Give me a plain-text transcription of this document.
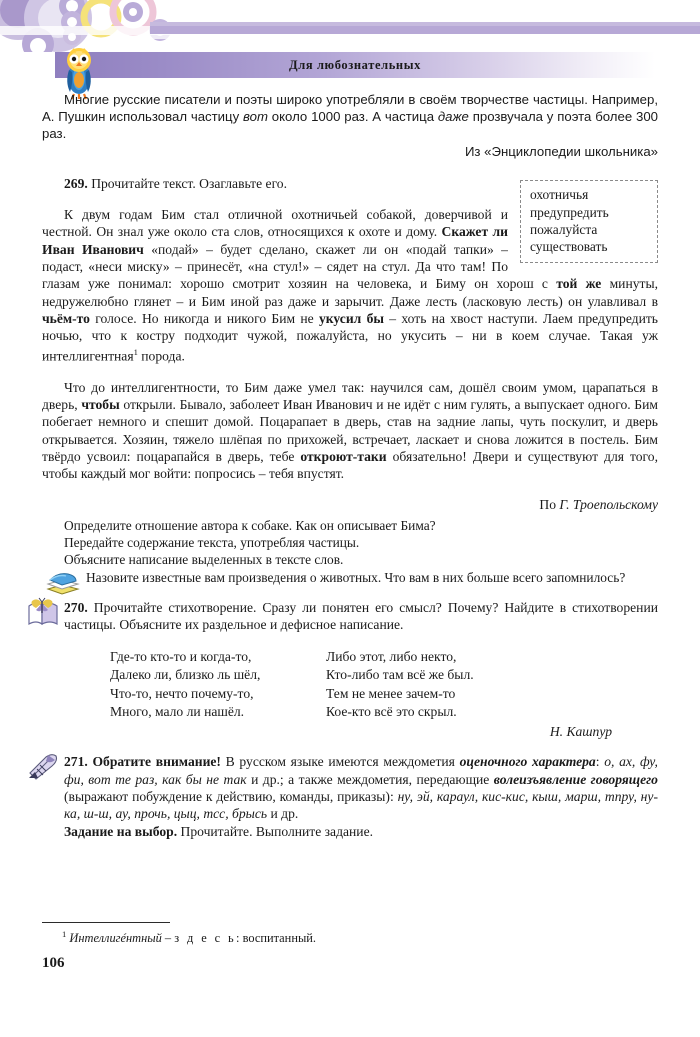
Для любознательных

Многие русские писатели и поэты широко употребляли в своём творчестве частицы. Например, А. Пушкин использовал частицу вот около 1000 раз. А частица даже прозвучала у поэта более 300 раз.

Из «Энциклопедии школьника»
охотничья
предупредить
пожалуйста
существовать

269. Прочитайте текст. Озаглавьте его.

К двум годам Бим стал отличной охотничьей собакой, доверчивой и честной. Он знал уже около ста слов, относящихся к охоте и дому. Скажет ли Иван Иванович «подай» – будет сделано, скажет ли он «подай тапки» – подаст, «неси миску» – принесёт, «на стул!» – сядет на стул. Да что там! По глазам уже понимал: хорошо смотрит хозяин на человека, и Биму он хорош с той же минуты, недружелюбно глянет – и Бим иной раз даже и зарычит. Даже лесть (ласковую лесть) он улавливал в чьём-то голосе. Но никогда и никого Бим не укусил бы – хоть на хвост наступи. Лаем предупредить ночью, что к костру подходит чужой, пожалуйста, но укусить – ни в коем случае. Такая уж интеллигентная$^1$ порода.

Что до интеллигентности, то Бим даже умел так: научился сам, дошёл своим умом, царапаться в дверь, чтобы открыли. Бывало, заболеет Иван Иванович и не идёт с ним гулять, а выпускает одного. Бим побегает немного и спешит домой. Поцарапает в дверь, став на задние лапы, чуть поскулит, и дверь открывается. Хозяин, тяжело шлёпая по прихожей, встречает, ласкает и снова ложится в постель. Бим твёрдо усвоил: поцарапайся в дверь, тебе откроют-таки обязательно! Двери и существуют для того, чтобы каждый мог войти: попросись – тебя впустят.

По Г. Троепольскому
Определите отношение автора к собаке. Как он описывает Бима?
Передайте содержание текста, употребляя частицы.
Объясните написание выделенных в тексте слов.
Назовите известные вам произведения о животных. Что вам в них больше всего запомнилось?
270. Прочитайте стихотворение. Сразу ли понятен его смысл? Почему? Найдите в стихотворении частицы. Объясните их раздельное и дефисное написание.
Где-то кто-то и когда-то,
Далеко ли, близко ль шёл,
Что-то, нечто почему-то,
Много, мало ли нашёл.
Либо этот, либо некто,
Кто-либо там всё же был.
Тем не менее зачем-то
Кое-кто всё это скрыл.
Н. Кашпур
271. Обратите внимание! В русском языке имеются междометия оценочного характера: о, ах, фу, фи, вот те раз, как бы не так и др.; а также междометия, передающие волеизъявление говорящего (выражают побуждение к действию, команды, приказы): ну, эй, караул, кис-кис, кыш, марш, тпру, ну-ка, ш-ш, ау, прочь, цыц, тсс, брысь и др.
Задание на выбор. Прочитайте. Выполните задание.
$^1$ Интеллигéнтный – з д е с ь: воспитанный.
106
